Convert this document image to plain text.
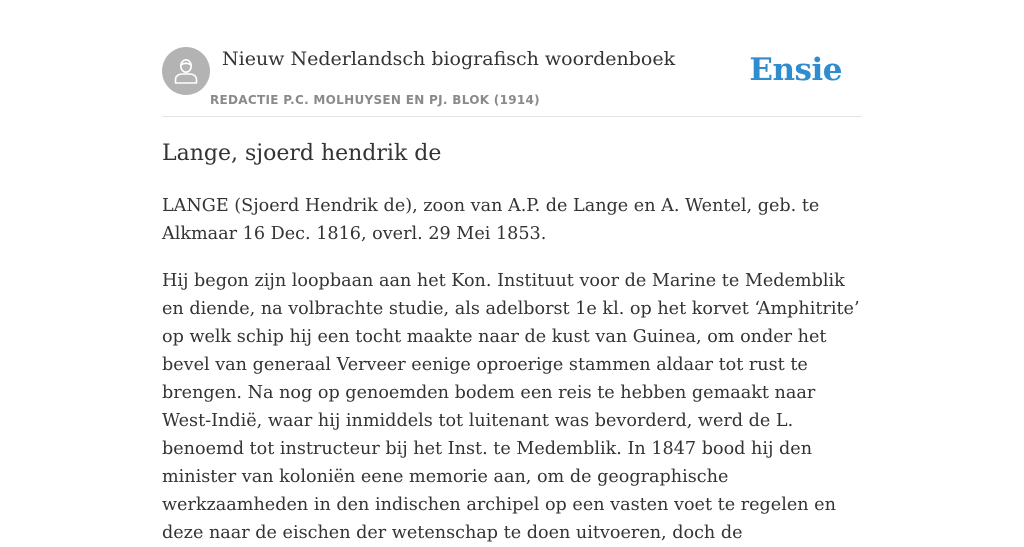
Nieuw Nederlandsch biografisch woordenboek
REDACTIE P.C. MOLHUYSEN EN PJ. BLOK (1914)
Ensie
Lange, sjoerd hendrik de

LANGE (Sjoerd Hendrik de), zoon van A.P. de Lange en A. Wentel, geb. te Alkmaar 16 Dec. 1816, overl. 29 Mei 1853.

Hij begon zijn loopbaan aan het Kon. Instituut voor de Marine te Medemblik en diende, na volbrachte studie, als adelborst 1e kl. op het korvet ‘Amphitrite’ op welk schip hij een tocht maakte naar de kust van Guinea, om onder het bevel van generaal Verveer eenige oproerige stammen aldaar tot rust te brengen. Na nog op genoemden bodem een reis te hebben gemaakt naar West-Indië, waar hij inmiddels tot luitenant was bevorderd, werd de L. benoemd tot instructeur bij het Inst. te Medemblik. In 1847 bood hij den minister van koloniën eene memorie aan, om de geographische werkzaamheden in den indischen archipel op een vasten voet te regelen en deze naar de eischen der wetenschap te doen uitvoeren, doch de
